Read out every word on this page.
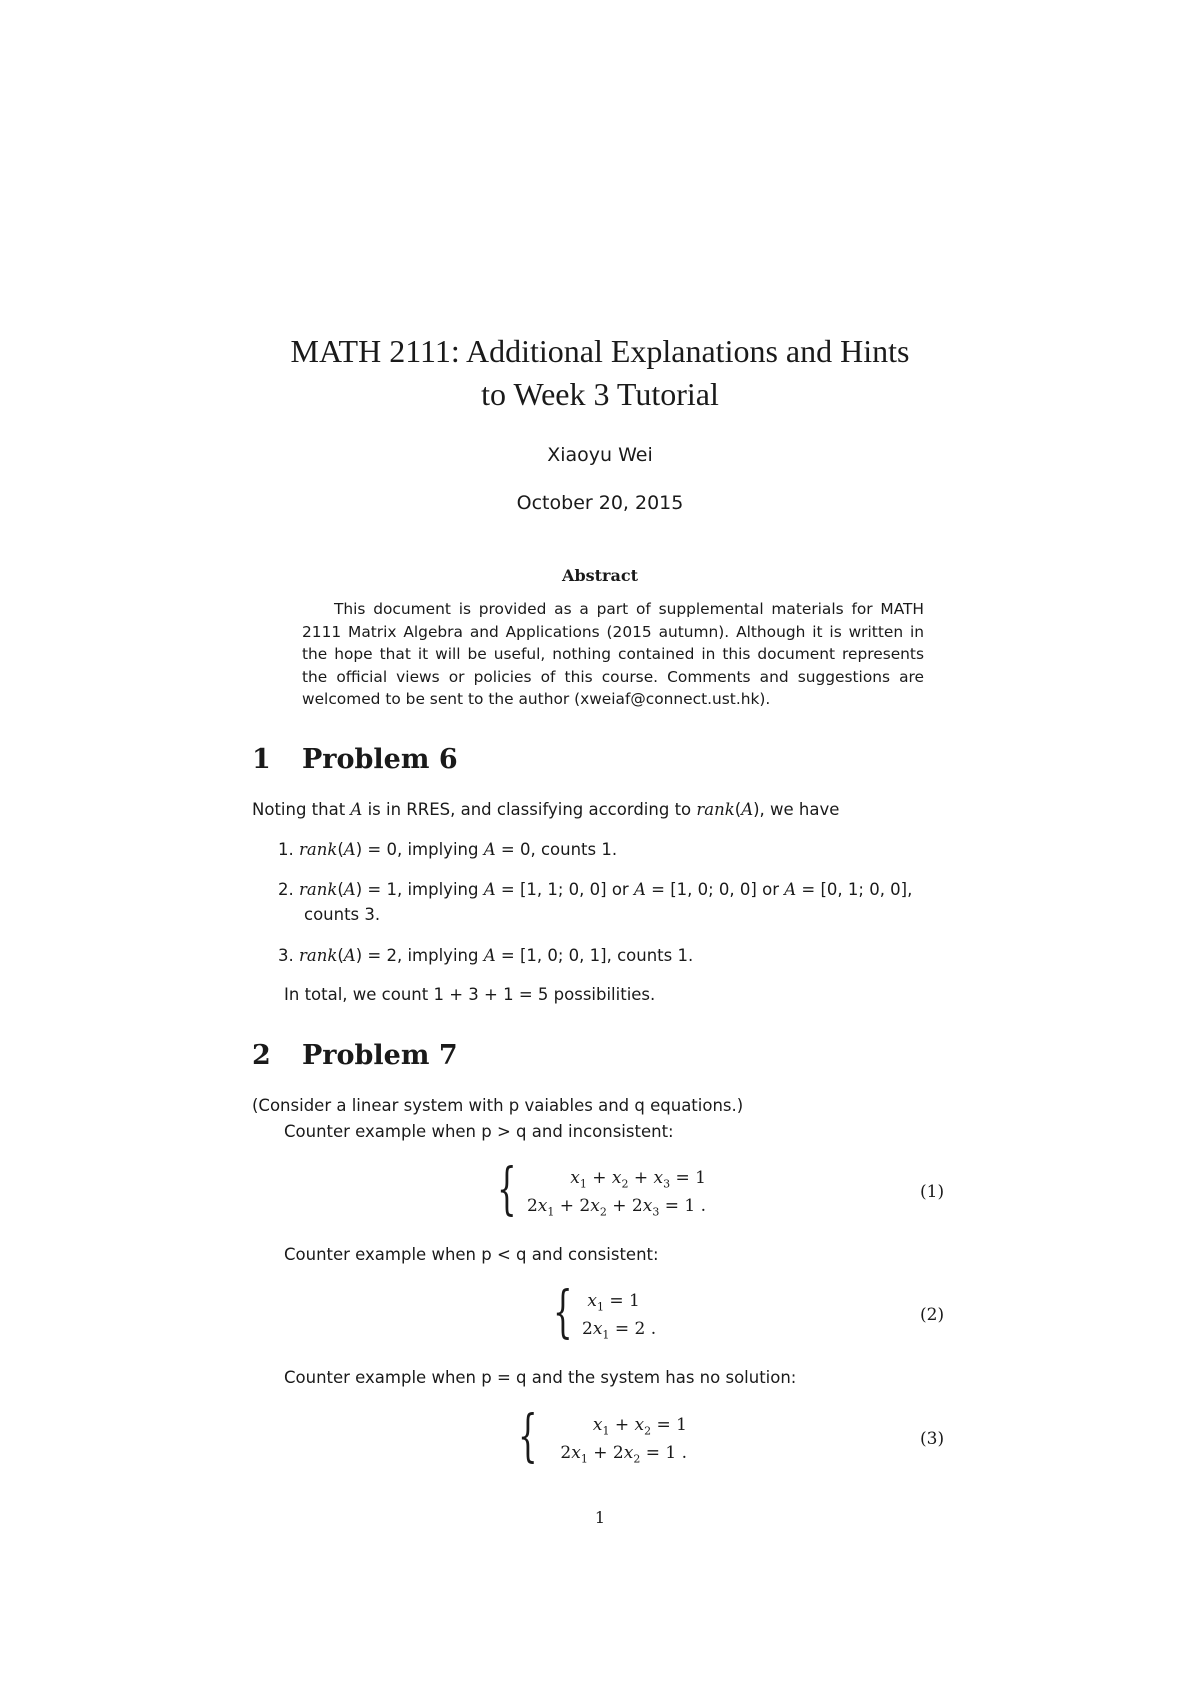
MATH 2111: Additional Explanations and Hints
to Week 3 Tutorial
Xiaoyu Wei
October 20, 2015
Abstract
This document is provided as a part of supplemental materials for MATH 2111 Matrix Algebra and Applications (2015 autumn). Although it is written in the hope that it will be useful, nothing contained in this document represents the official views or policies of this course. Comments and suggestions are welcomed to be sent to the author (xweiaf@connect.ust.hk).
1 Problem 6
Noting that A is in RRES, and classifying according to rank(A), we have
1. rank(A) = 0, implying A = 0, counts 1.
2. rank(A) = 1, implying A = [1, 1; 0, 0] or A = [1, 0; 0, 0] or A = [0, 1; 0, 0],
counts 3.
3. rank(A) = 2, implying A = [1, 0; 0, 1], counts 1.
In total, we count 1 + 3 + 1 = 5 possibilities.
2 Problem 7
(Consider a linear system with p vaiables and q equations.)
Counter example when p > q and inconsistent:
{	$x_1 + x_2 + x_3 = 1$
$2x_1 + 2x_2 + 2x_3 = 1$ .
(1)
Counter example when p < q and consistent:
{ $x_1 = 1$
$2x_1 = 2$ .
(2)
Counter example when p = q and the system has no solution:
{	$x_1 + x_2 = 1$
$2x_1 + 2x_2 = 1$ .
(3)
1
